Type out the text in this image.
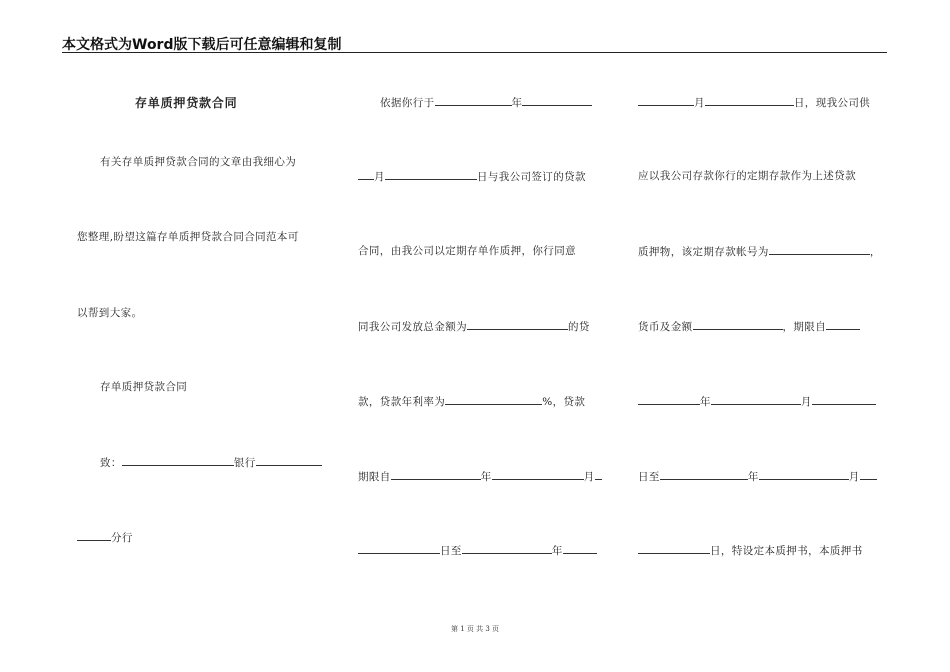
本文格式为Word版下载后可任意编辑和复制
存单质押贷款合同
有关存单质押贷款合同的文章由我细心为
您整理,盼望这篇存单质押贷款合同合同范本可
以帮到大家。
存单质押贷款合同
致：	银行
分行
依据你行于	年
月	日与我公司签订的贷款
合同，由我公司以定期存单作质押，你行同意
同我公司发放总金额为	的贷
款，贷款年利率为	%，贷款
期限自	年	月
日至	年
月	日，现我公司供
应以我公司存款你行的定期存款作为上述贷款
质押物，该定期存款帐号为	，
货币及金额	，期限自
年	月
日至	年	月
日，特设定本质押书，本质押书
第 1 页 共 3 页
